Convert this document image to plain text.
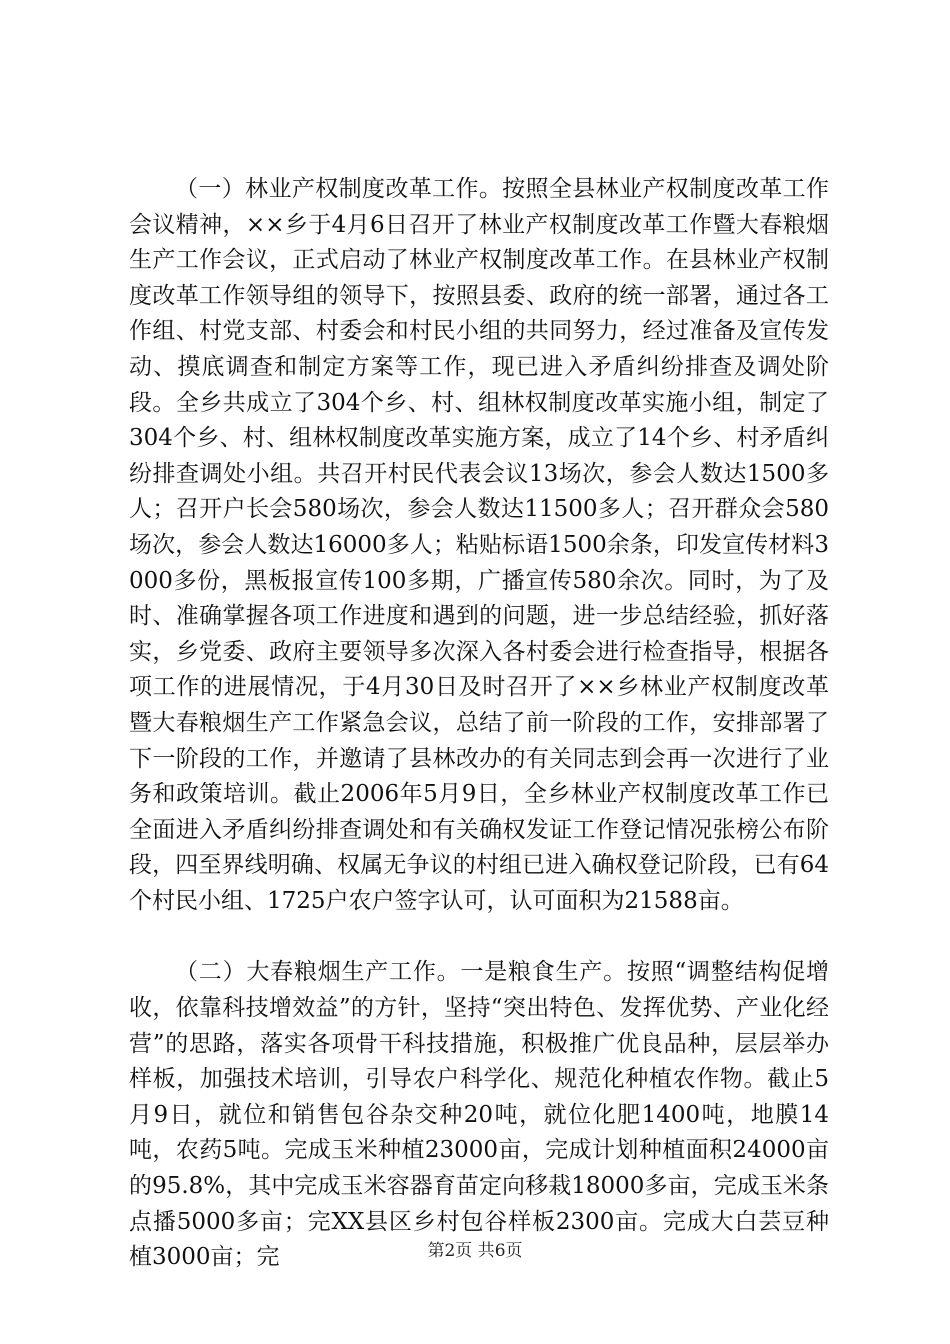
（一）林业产权制度改革工作。按照全县林业产权制度改革工作会议精神，××乡于4月6日召开了林业产权制度改革工作暨大春粮烟生产工作会议，正式启动了林业产权制度改革工作。在县林业产权制度改革工作领导组的领导下，按照县委、政府的统一部署，通过各工作组、村党支部、村委会和村民小组的共同努力，经过准备及宣传发动、摸底调查和制定方案等工作，现已进入矛盾纠纷排查及调处阶段。全乡共成立了304个乡、村、组林权制度改革实施小组，制定了304个乡、村、组林权制度改革实施方案，成立了14个乡、村矛盾纠纷排查调处小组。共召开村民代表会议13场次，参会人数达1500多人；召开户长会580场次，参会人数达11500多人；召开群众会580场次，参会人数达16000多人；粘贴标语1500余条，印发宣传材料3000多份，黑板报宣传100多期，广播宣传580余次。同时，为了及时、准确掌握各项工作进度和遇到的问题，进一步总结经验，抓好落实，乡党委、政府主要领导多次深入各村委会进行检查指导，根据各项工作的进展情况，于4月30日及时召开了××乡林业产权制度改革暨大春粮烟生产工作紧急会议，总结了前一阶段的工作，安排部署了下一阶段的工作，并邀请了县林改办的有关同志到会再一次进行了业务和政策培训。截止2006年5月9日，全乡林业产权制度改革工作已全面进入矛盾纠纷排查调处和有关确权发证工作登记情况张榜公布阶段，四至界线明确、权属无争议的村组已进入确权登记阶段，已有64个村民小组、1725户农户签字认可，认可面积为21588亩。

（二）大春粮烟生产工作。一是粮食生产。按照“调整结构促增收，依靠科技增效益”的方针，坚持“突出特色、发挥优势、产业化经营”的思路，落实各项骨干科技措施，积极推广优良品种，层层举办样板，加强技术培训，引导农户科学化、规范化种植农作物。截止5月9日，就位和销售包谷杂交种20吨，就位化肥1400吨，地膜14吨，农药5吨。完成玉米种植23000亩，完成计划种植面积24000亩的95.8%，其中完成玉米容器育苗定向移栽18000多亩，完成玉米条点播5000多亩；完XX县区乡村包谷样板2300亩。完成大白芸豆种植3000亩；完	第2页 共6页
